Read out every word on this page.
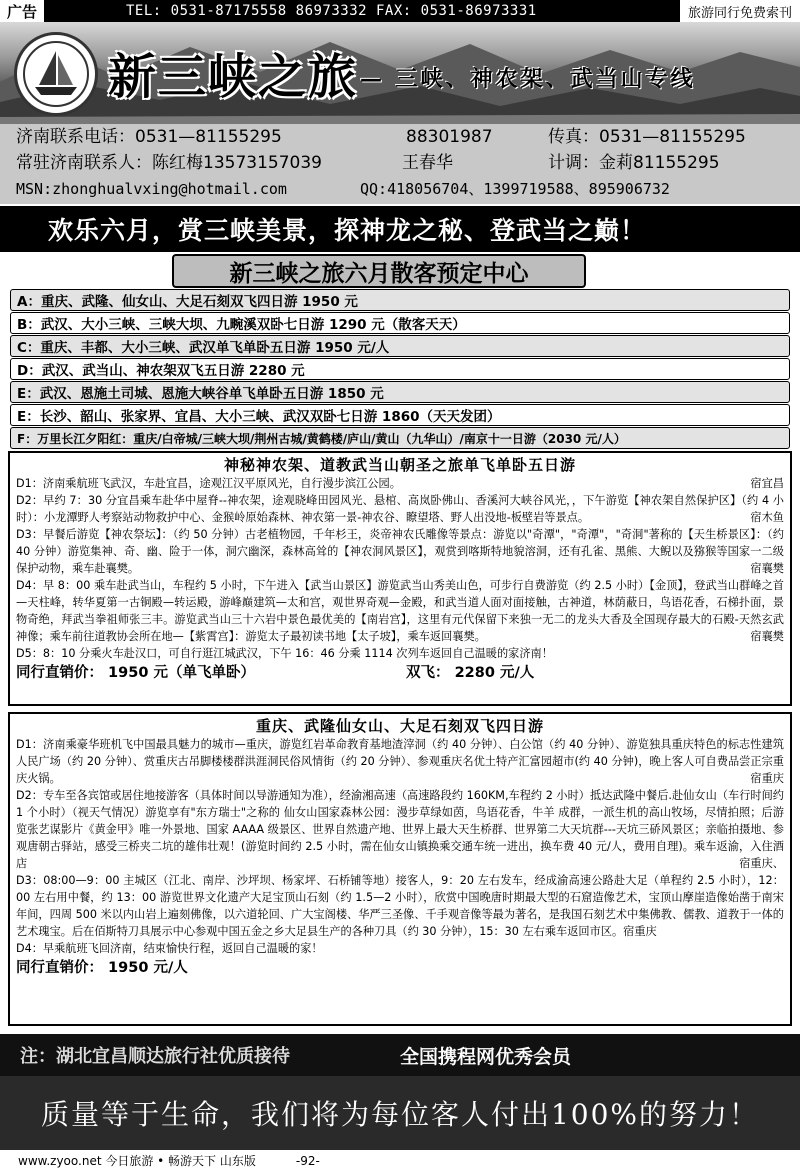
广告	TEL: 0531-87175558 86973332 FAX: 0531-86973331	旅游同行免费索刊
新三峡之旅 — 三峡、神农架、武当山专线
济南联系电话：0531—81155295	88301987	传真：0531—81155295
常驻济南联系人：陈红梅13573157039	王春华	计调：金莉81155295
MSN:zhonghualvxing@hotmail.com	QQ:418056704、1399719588、895906732
欢乐六月，赏三峡美景，探神龙之秘、登武当之巅！
新三峡之旅六月散客预定中心
A：重庆、武隆、仙女山、大足石刻双飞四日游 1950 元
B：武汉、大小三峡、三峡大坝、九畹溪双卧七日游 1290 元（散客天天）
C：重庆、丰都、大小三峡、武汉单飞单卧五日游 1950 元/人
D：武汉、武当山、神农架双飞五日游 2280 元
E：武汉、恩施土司城、恩施大峡谷单飞单卧五日游 1850 元
E：长沙、韶山、张家界、宜昌、大小三峡、武汉双卧七日游 1860（天天发团）
F：万里长江夕阳红：重庆/白帝城/三峡大坝/荆州古城/黄鹤楼/庐山/黄山（九华山）/南京十一日游（2030 元/人）
神秘神农架、道教武当山朝圣之旅单飞单卧五日游

D1：济南乘航班飞武汉，车赴宜昌，途观江汉平原风光，自行漫步滨江公园。	宿宜昌

D2：早约 7：30 分宜昌乘车赴华中屋脊--神农架，途观晓峰田园风光、悬棺、高岚卧佛山、香溪河大峡谷风光，，下午游览【神农架自然保护区】（约 4 小时）：小龙潭野人考察站动物救护中心、金猴岭原始森林、神农第一景-神农谷、瞭望塔、野人出没地-板壁岩等景点。	宿木鱼

D3：早餐后游览【神农祭坛】：（约 50 分钟）古老植物园，千年杉王，炎帝神农氏雕像等景点：游览以"奇潭"，"奇潭"，"奇洞"著称的【天生桥景区】：（约 40 分钟）游览集神、奇、幽、险于一体，洞穴幽深，森林高耸的【神农洞风景区】，观赏到喀斯特地貌溶洞，还有孔雀、黑熊、大鲵以及猕猴等国家一二级保护动物，乘车赴襄樊。	宿襄樊

D4：早 8：00 乘车赴武当山，车程约 5 小时，下午进入【武当山景区】游览武当山秀美山色，可步行自费游览（约 2.5 小时）【金顶】，登武当山群峰之首—天柱峰，转华夏第一古铜殿—转运殿，游峰巅建筑—太和宫，观世界奇观—金殿，和武当道人面对面接触，古神道，林荫蔽日，鸟语花香，石梯扑面，景物奇绝，拜武当拳祖师张三丰。游览武当山三十六岩中景色最优美的【南岩宫】，这里有元代保留下来独一无二的龙头大香及全国现存最大的石殿-天然玄武神像；乘车前往道教协会所在地—【紫霄宫】：游览太子最初读书地【太子坡】，乘车返回襄樊。	宿襄樊

D5：8：10 分乘火车赴汉口，可自行逛江城武汉，下午 16：46 分乘 1114 次列车返回自己温暖的家济南！

同行直销价： 1950 元（单飞单卧）	双飞： 2280 元/人
重庆、武隆仙女山、大足石刻双飞四日游

D1：济南乘豪华班机飞中国最具魅力的城市—重庆，游览红岩革命教育基地渣滓洞（约 40 分钟）、白公馆（约 40 分钟）、游览独具重庆特色的标志性建筑人民广场（约 20 分钟）、赏重庆古吊脚楼楼群洪涯洞民俗风情街（约 20 分钟）、参观重庆名优土特产汇富园超市(约 40 分钟)，晚上客人可自费品尝正宗重庆火锅。	宿重庆

D2：专车至各宾馆或居住地接游客（具体时间以导游通知为准），经渝湘高速（高速路段约 160KM,车程约 2 小时）抵达武隆中餐后.赴仙女山（车行时间约 1 个小时）（视天气情况）游览享有"东方瑞士"之称的 仙女山国家森林公园：漫步草绿如茵，鸟语花香，牛羊 成群，一派生机的高山牧场，尽情拍照；后游览张艺谋影片《黄金甲》唯一外景地、国家 AAAA 级景区、世界自然遗产地、世界上最大天生桥群、世界第二大天坑群---天坑三硚风景区；亲临拍摄地、参观唐朝古驿站，感受三桥夹二坑的雄伟壮观！(游览时间约 2.5 小时，需在仙女山镇换乘交通车统一进出，换车费 40 元/人，费用自理)。乘车返渝，入住酒店	宿重庆、

D3：08:00—9：00 主城区（江北、南岸、沙坪坝、杨家坪、石桥铺等地）接客人，9：20 左右发车，经成渝高速公路赴大足（单程约 2.5 小时），12：00 左右用中餐，约 13：00 游览世界文化遗产大足宝顶山石刻（约 1.5—2 小时），欣赏中国晚唐时期最大型的石窟造像艺术，宝顶山摩崖造像始凿于南宋年间，四周 500 米以内山岩上遍刻佛像，以六道轮回、广大宝阁楼、华严三圣像、千手观音像等最为著名，是我国石刻艺术中集佛教、儒教、道教于一体的艺术瑰宝。后在佰斯特刀具展示中心参观中国五金之乡大足县生产的各种刀具（约 30 分钟），15：30 左右乘车返回市区。宿重庆

D4：早乘航班飞回济南，结束愉快行程，返回自己温暖的家！

同行直销价： 1950 元/人
注：湖北宜昌顺达旅行社优质接待	全国携程网优秀会员
质量等于生命，我们将为每位客人付出100%的努力！
www.zyoo.net 今日旅游 • 畅游天下 山东版	-92-
